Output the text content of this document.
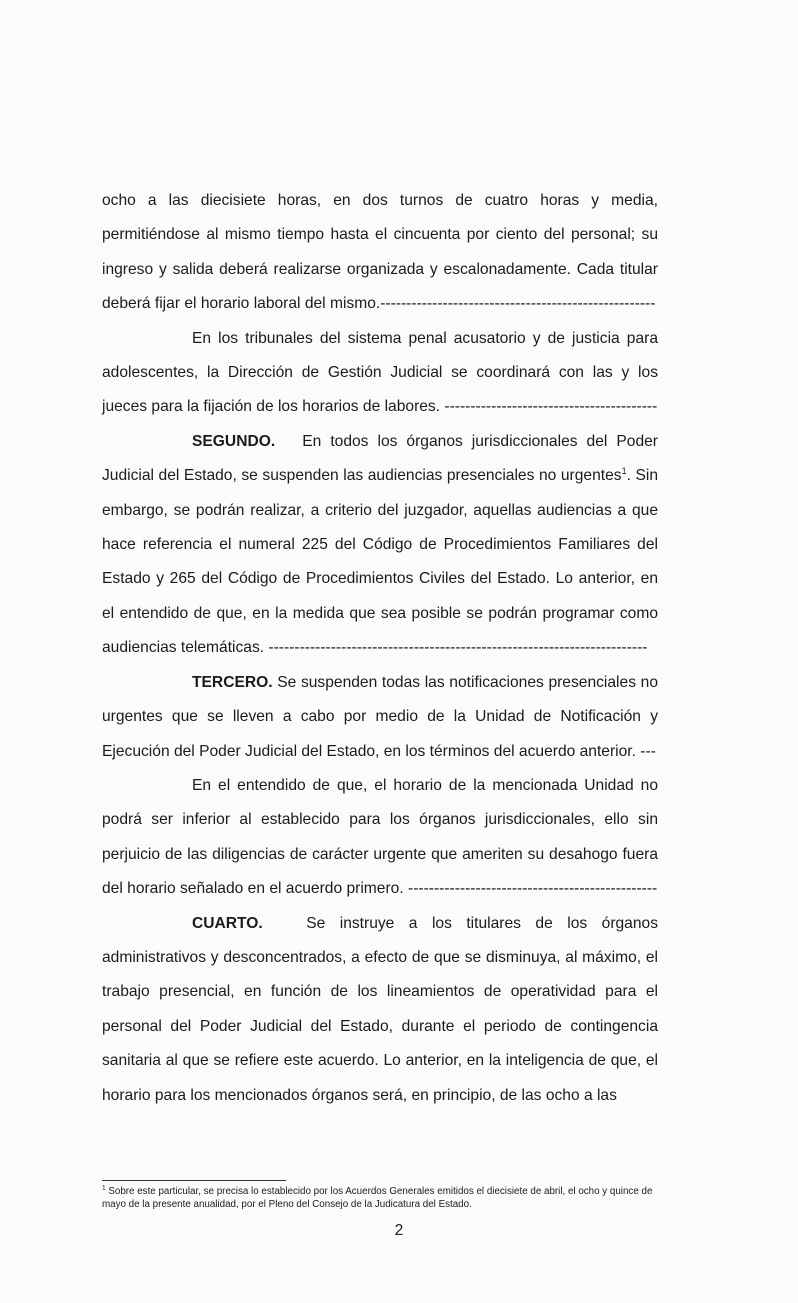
ocho a las diecisiete horas, en dos turnos de cuatro horas y media, permitiéndose al mismo tiempo hasta el cincuenta por ciento del personal; su ingreso y salida deberá realizarse organizada y escalonadamente. Cada titular deberá fijar el horario laboral del mismo.-----------------------------------------------------

En los tribunales del sistema penal acusatorio y de justicia para adolescentes, la Dirección de Gestión Judicial se coordinará con las y los jueces para la fijación de los horarios de labores. -----------------------------------------

SEGUNDO. En todos los órganos jurisdiccionales del Poder Judicial del Estado, se suspenden las audiencias presenciales no urgentes$^1$. Sin embargo, se podrán realizar, a criterio del juzgador, aquellas audiencias a que hace referencia el numeral 225 del Código de Procedimientos Familiares del Estado y 265 del Código de Procedimientos Civiles del Estado. Lo anterior, en el entendido de que, en la medida que sea posible se podrán programar como audiencias telemáticas. -------------------------------------------------------------------------

TERCERO. Se suspenden todas las notificaciones presenciales no urgentes que se lleven a cabo por medio de la Unidad de Notificación y Ejecución del Poder Judicial del Estado, en los términos del acuerdo anterior. ---

En el entendido de que, el horario de la mencionada Unidad no podrá ser inferior al establecido para los órganos jurisdiccionales, ello sin perjuicio de las diligencias de carácter urgente que ameriten su desahogo fuera del horario señalado en el acuerdo primero. ------------------------------------------------

CUARTO.	Se instruye a los titulares de los órganos administrativos y desconcentrados, a efecto de que se disminuya, al máximo, el trabajo presencial, en función de los lineamientos de operatividad para el personal del Poder Judicial del Estado, durante el periodo de contingencia sanitaria al que se refiere este acuerdo. Lo anterior, en la inteligencia de que, el horario para los mencionados órganos será, en principio, de las ocho a las

$^1$ Sobre este particular, se precisa lo establecido por los Acuerdos Generales emitidos el diecisiete de abril, el ocho y quince de mayo de la presente anualidad, por el Pleno del Consejo de la Judicatura del Estado.
2
